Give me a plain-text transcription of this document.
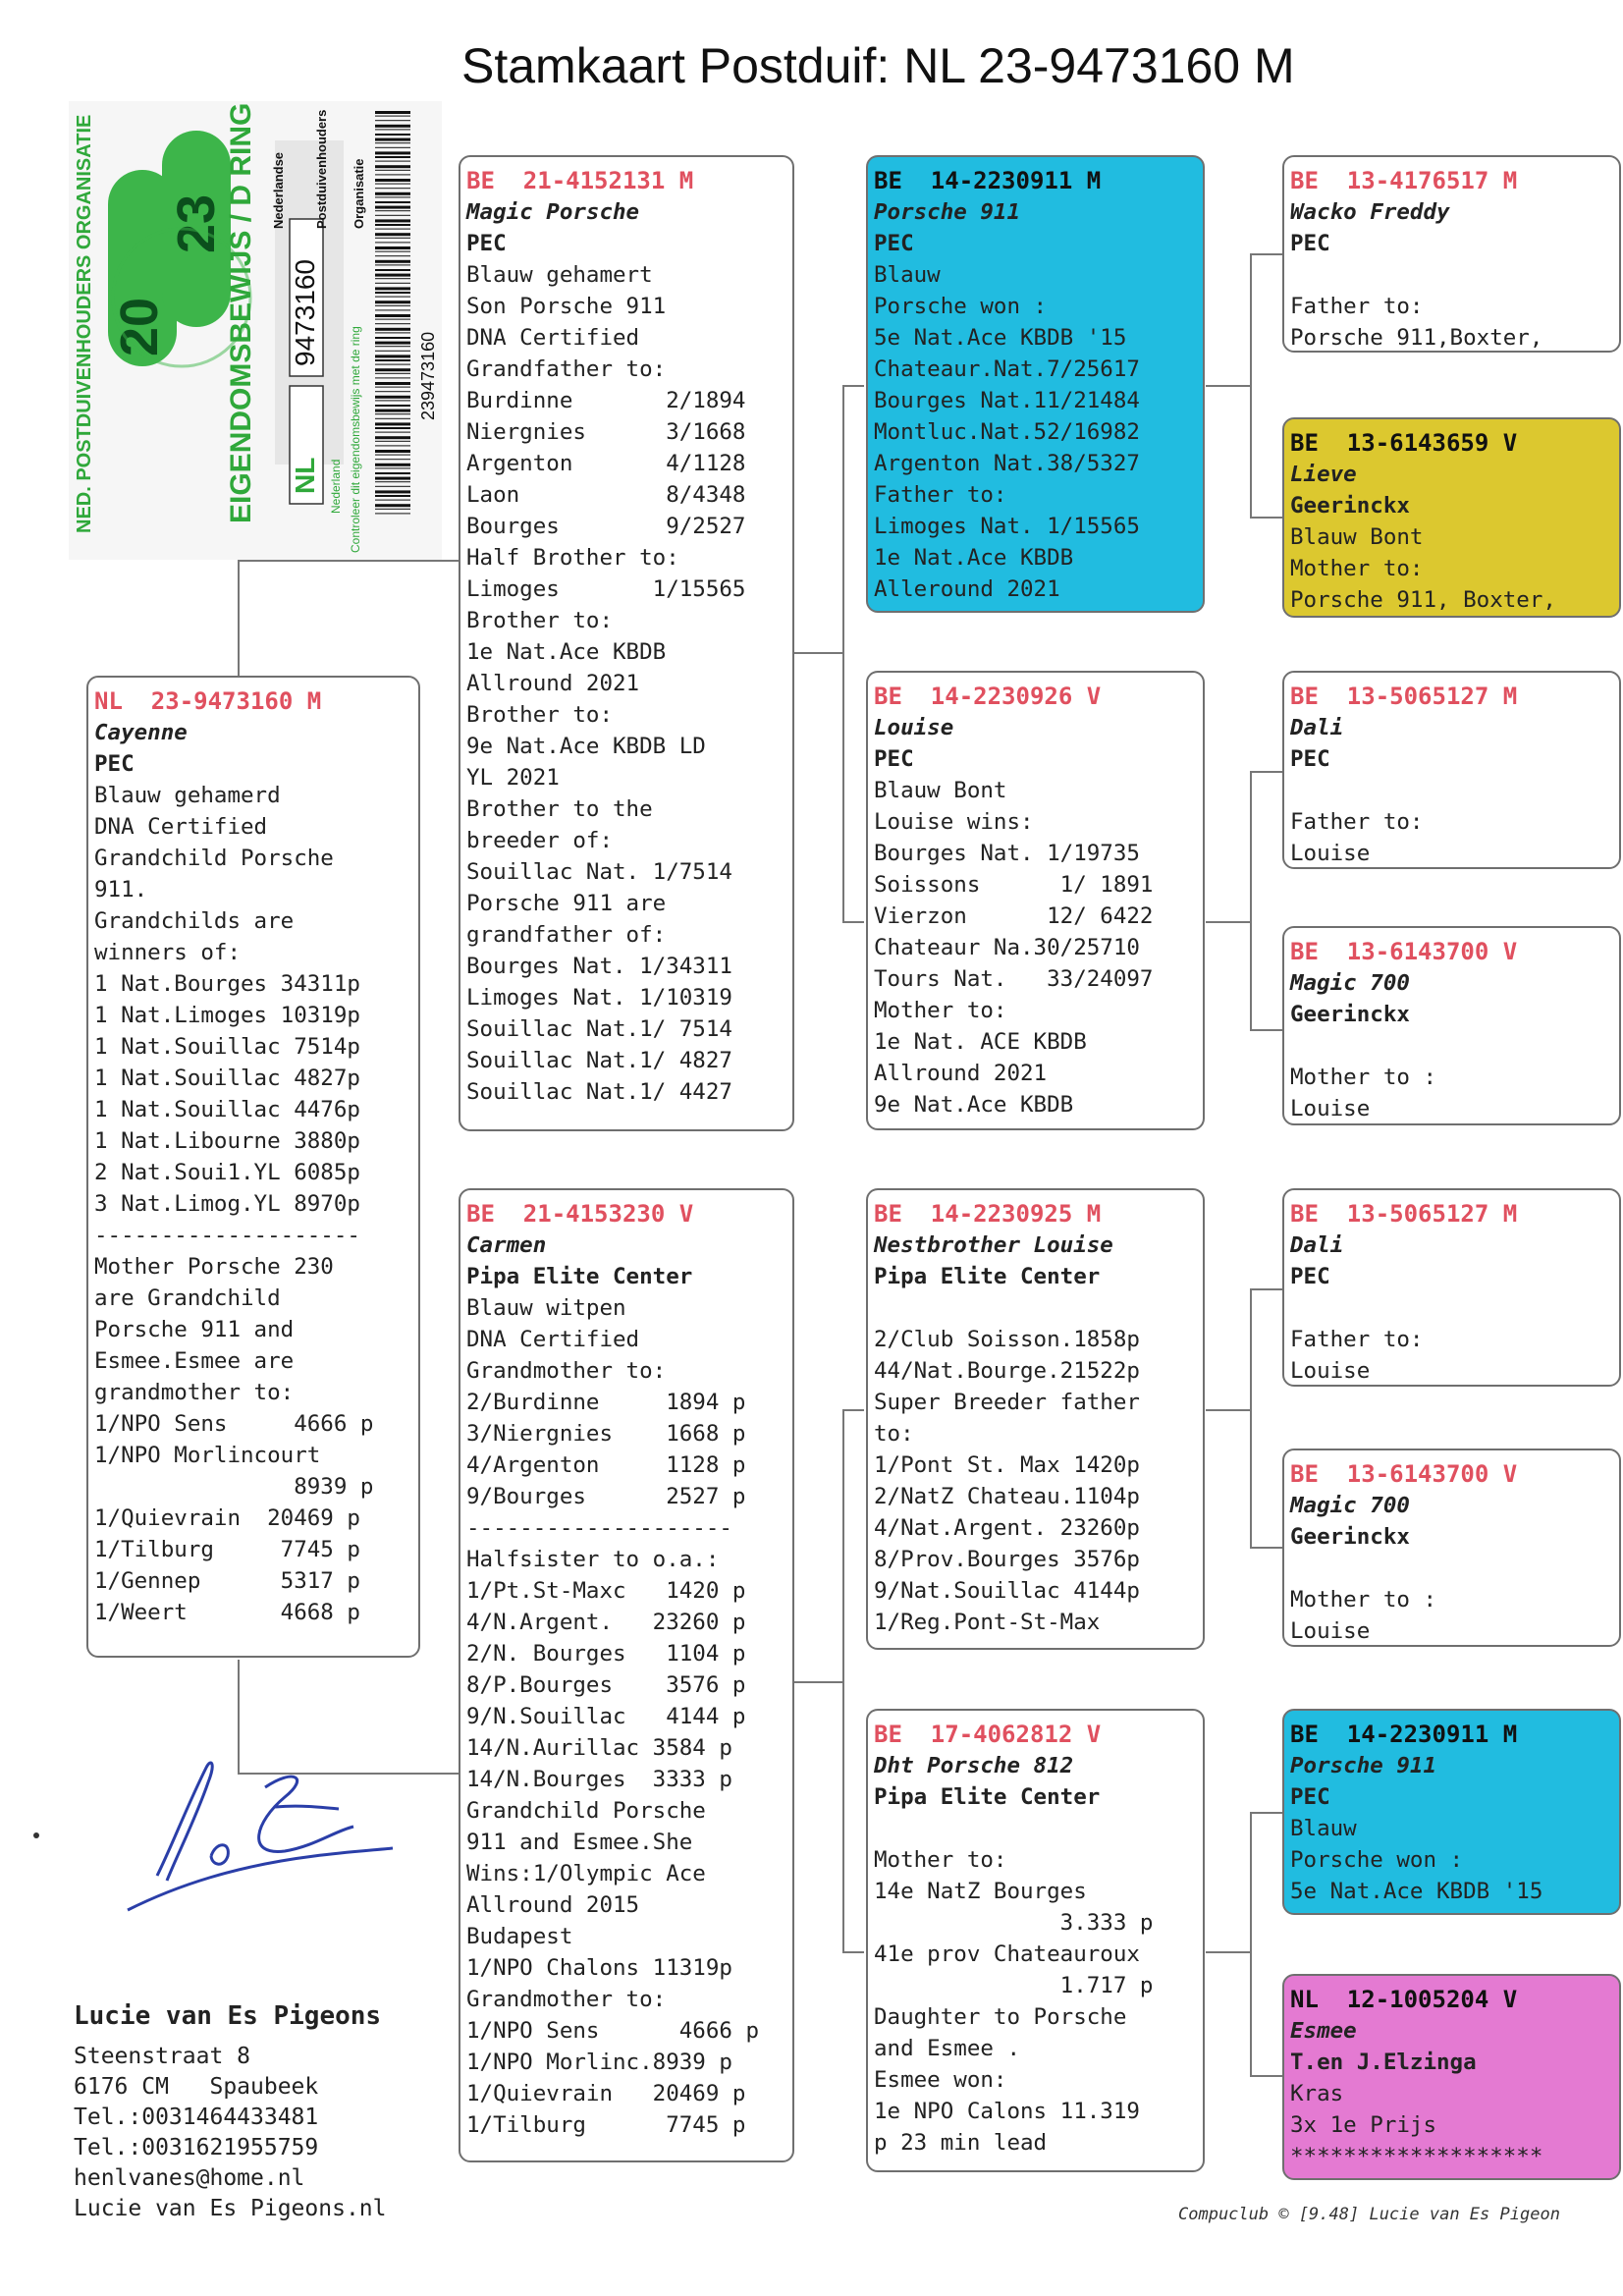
Stamkaart Postduif: NL 23-9473160 M
NED. POSTDUIVENHOUDERS ORGANISATIE 20
23 EIGENDOMSBEWIJS / D RING NL
9473160
Nederlandse Postduivenhouders Organisatie
Controleer dit eigendomsbewijs met de ring
Nederland
239473160
NL  23-9473160 M
Cayenne
PEC
Blauw gehamerd
DNA Certified
Grandchild Porsche
911.
Grandchilds are
winners of:
1 Nat.Bourges 34311p
1 Nat.Limoges 10319p
1 Nat.Souillac 7514p
1 Nat.Souillac 4827p
1 Nat.Souillac 4476p
1 Nat.Libourne 3880p
2 Nat.Soui1.YL 6085p
3 Nat.Limog.YL 8970p
--------------------
Mother Porsche 230
are Grandchild
Porsche 911 and
Esmee.Esmee are
grandmother to:
1/NPO Sens     4666 p
1/NPO Morlincourt
8939 p
1/Quievrain  20469 p
1/Tilburg     7745 p
1/Gennep      5317 p
1/Weert       4668 p
BE  21-4152131 M
Magic Porsche
PEC
Blauw gehamert
Son Porsche 911
DNA Certified
Grandfather to:
Burdinne       2/1894
Niergnies      3/1668
Argenton       4/1128
Laon           8/4348
Bourges        9/2527
Half Brother to:
Limoges       1/15565
Brother to:
1e Nat.Ace KBDB
Allround 2021
Brother to:
9e Nat.Ace KBDB LD
YL 2021
Brother to the
breeder of:
Souillac Nat. 1/7514
Porsche 911 are
grandfather of:
Bourges Nat. 1/34311
Limoges Nat. 1/10319
Souillac Nat.1/ 7514
Souillac Nat.1/ 4827
Souillac Nat.1/ 4427
BE  21-4153230 V
Carmen
Pipa Elite Center
Blauw witpen
DNA Certified
Grandmother to:
2/Burdinne     1894 p
3/Niergnies    1668 p
4/Argenton     1128 p
9/Bourges      2527 p
--------------------
Halfsister to o.a.:
1/Pt.St-Maxc   1420 p
4/N.Argent.   23260 p
2/N. Bourges   1104 p
8/P.Bourges    3576 p
9/N.Souillac   4144 p
14/N.Aurillac 3584 p
14/N.Bourges  3333 p
Grandchild Porsche
911 and Esmee.She
Wins:1/Olympic Ace
Allround 2015
Budapest
1/NPO Chalons 11319p
Grandmother to:
1/NPO Sens      4666 p
1/NPO Morlinc.8939 p
1/Quievrain   20469 p
1/Tilburg      7745 p
BE  14-2230911 M
Porsche 911
PEC
Blauw
Porsche won :
5e Nat.Ace KBDB '15
Chateaur.Nat.7/25617
Bourges Nat.11/21484
Montluc.Nat.52/16982
Argenton Nat.38/5327
Father to:
Limoges Nat. 1/15565
1e Nat.Ace KBDB
Alleround 2021
BE  14-2230926 V
Louise
PEC
Blauw Bont
Louise wins:
Bourges Nat. 1/19735
Soissons      1/ 1891
Vierzon      12/ 6422
Chateaur Na.30/25710
Tours Nat.   33/24097
Mother to:
1e Nat. ACE KBDB
Allround 2021
9e Nat.Ace KBDB
BE  14-2230925 M
Nestbrother Louise
Pipa Elite Center
2/Club Soisson.1858p
44/Nat.Bourge.21522p
Super Breeder father
to:
1/Pont St. Max 1420p
2/NatZ Chateau.1104p
4/Nat.Argent. 23260p
8/Prov.Bourges 3576p
9/Nat.Souillac 4144p
1/Reg.Pont-St-Max
BE  17-4062812 V
Dht Porsche 812
Pipa Elite Center
Mother to:
14e NatZ Bourges
3.333 p
41e prov Chateauroux
1.717 p
Daughter to Porsche
and Esmee .
Esmee won:
1e NPO Calons 11.319
p 23 min lead
BE  13-4176517 M
Wacko Freddy
PEC
Father to:
Porsche 911,Boxter,
BE  13-6143659 V
Lieve
Geerinckx
Blauw Bont
Mother to:
Porsche 911, Boxter,
BE  13-5065127 M
Dali
PEC
Father to:
Louise
BE  13-6143700 V
Magic 700
Geerinckx
Mother to :
Louise
BE  13-5065127 M
Dali
PEC
Father to:
Louise
BE  13-6143700 V
Magic 700
Geerinckx
Mother to :
Louise
BE  14-2230911 M
Porsche 911
PEC
Blauw
Porsche won :
5e Nat.Ace KBDB '15
NL  12-1005204 V
Esmee
T.en J.Elzinga
Kras
3x 1e Prijs
*******************
Lucie van Es Pigeons
Steenstraat 8
6176 CM   Spaubeek
Tel.:0031464433481
Tel.:0031621955759
henlvanes@home.nl
Lucie van Es Pigeons.nl	Compuclub © [9.48] Lucie van Es Pigeon
